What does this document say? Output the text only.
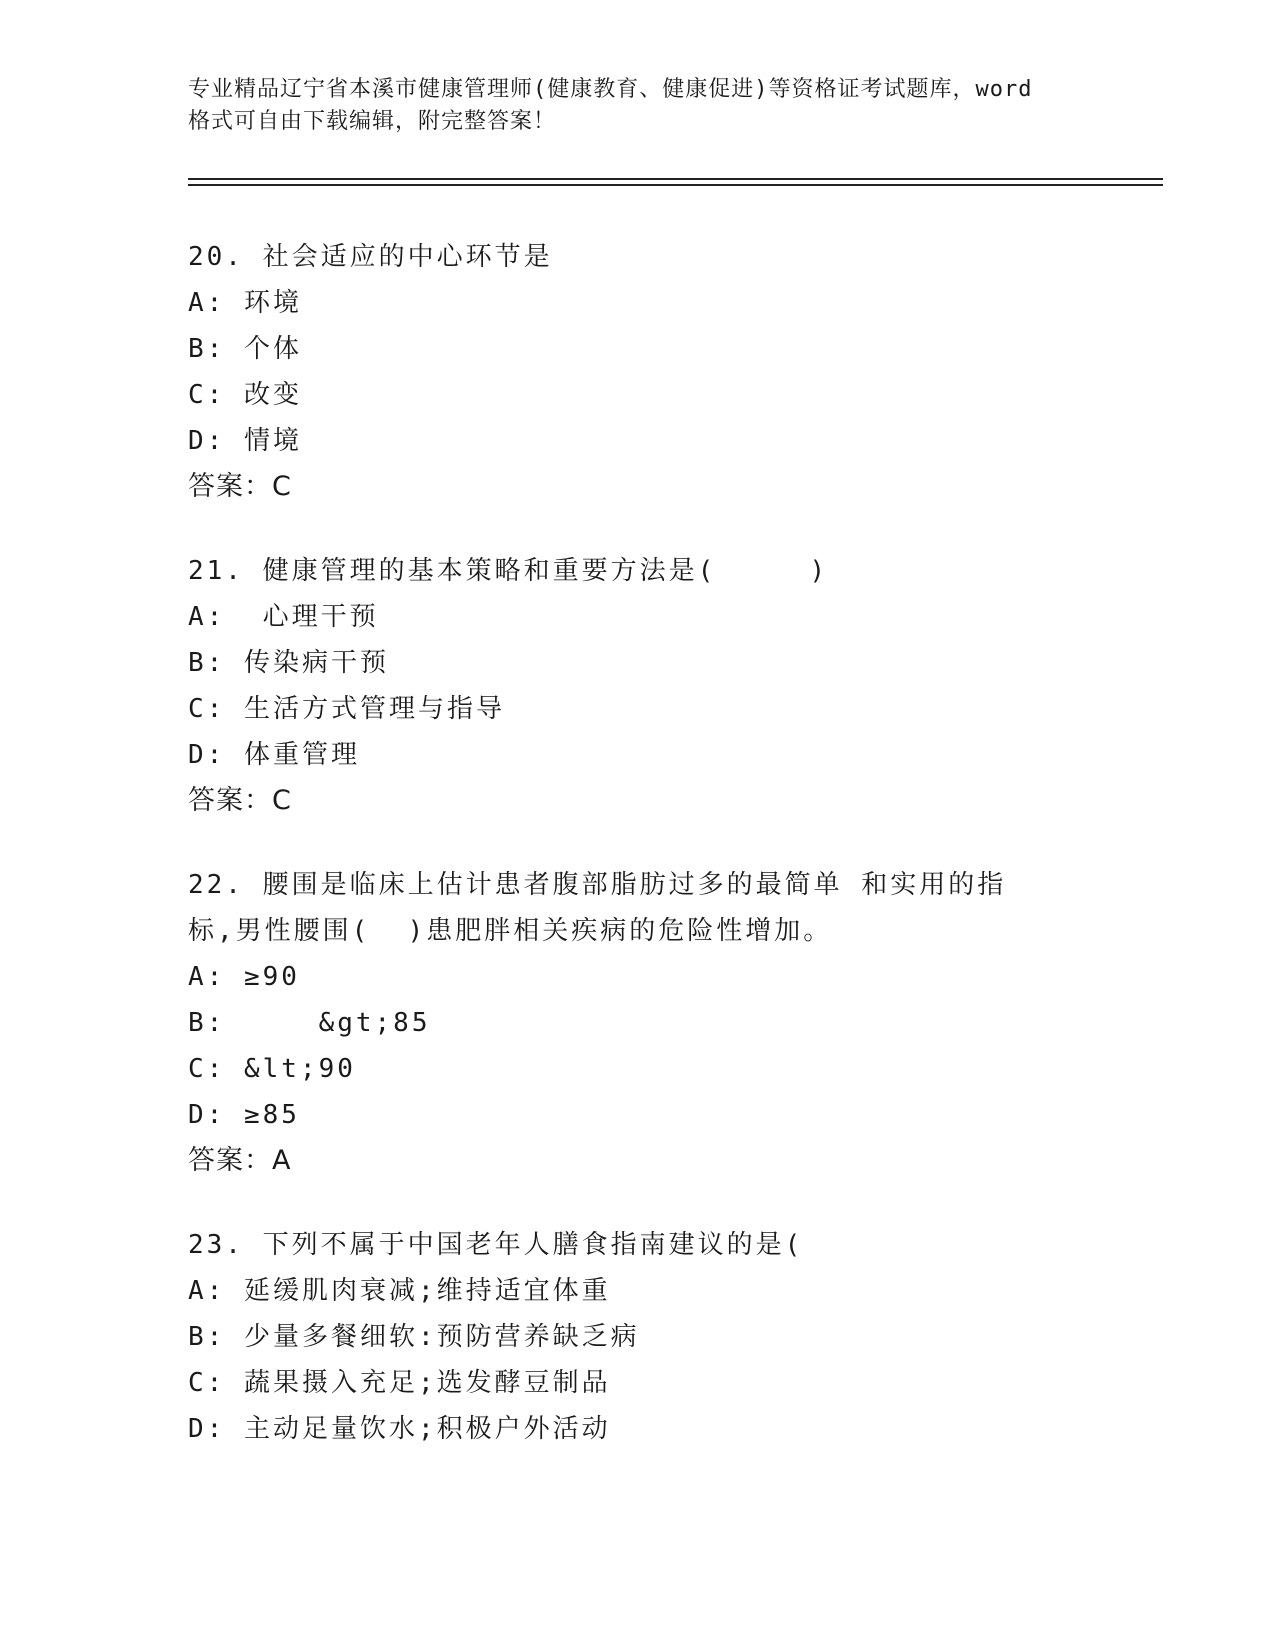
专业精品辽宁省本溪市健康管理师(健康教育、健康促进)等资格证考试题库，word

格式可自由下载编辑，附完整答案！

20. 社会适应的中心环节是

A: 环境

B: 个体

C: 改变

D: 情境

答案：C

21. 健康管理的基本策略和重要方法是(     )

A:  心理干预

B: 传染病干预

C: 生活方式管理与指导

D: 体重管理

答案：C

22. 腰围是临床上估计患者腹部脂肪过多的最简单 和实用的指标,男性腰围(  )患肥胖相关疾病的危险性增加。

A: ≥90

B:     &gt;85

C: &lt;90

D: ≥85

答案：A

23. 下列不属于中国老年人膳食指南建议的是(

A: 延缓肌肉衰减;维持适宜体重

B: 少量多餐细软:预防营养缺乏病

C: 蔬果摄入充足;选发酵豆制品

D: 主动足量饮水;积极户外活动
